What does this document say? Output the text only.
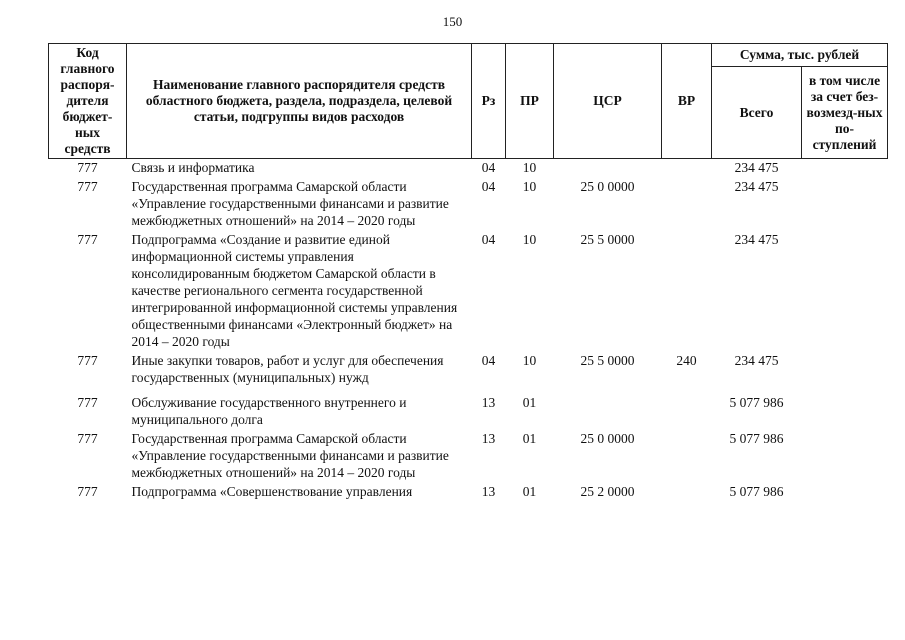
150
Код главного распоря-дителя бюджет-ных средств	Наименование главного распорядителя средств областного бюджета, раздела, подраздела, целевой статьи, подгруппы видов расходов	Рз	ПР	ЦСР	ВР	Сумма, тыс. рублей	
						Всего	в том числе за счет без-возмезд-ных по-ступлений
777	Связь и информатика	04	10			234 475	
777	Государственная программа Самарской области «Управление государственными финансами и развитие межбюджетных отношений» на 2014 – 2020 годы	04	10	25 0 0000		234 475	
777	Подпрограмма «Создание и развитие единой информационной системы управления консолидированным бюджетом Самарской области в качестве регионального сегмента государственной интегрированной информационной системы управления общественными финансами «Электронный бюджет» на 2014 – 2020 годы	04	10	25 5 0000		234 475	
777	Иные закупки товаров, работ и услуг для обеспечения государственных (муниципальных) нужд	04	10	25 5 0000	240	234 475	
777	Обслуживание государственного внутреннего и муниципального долга	13	01			5 077 986	
777	Государственная программа Самарской области «Управление государственными финансами и развитие межбюджетных отношений» на 2014 – 2020 годы	13	01	25 0 0000		5 077 986	
777	Подпрограмма «Совершенствование управления	13	01	25 2 0000		5 077 986	
